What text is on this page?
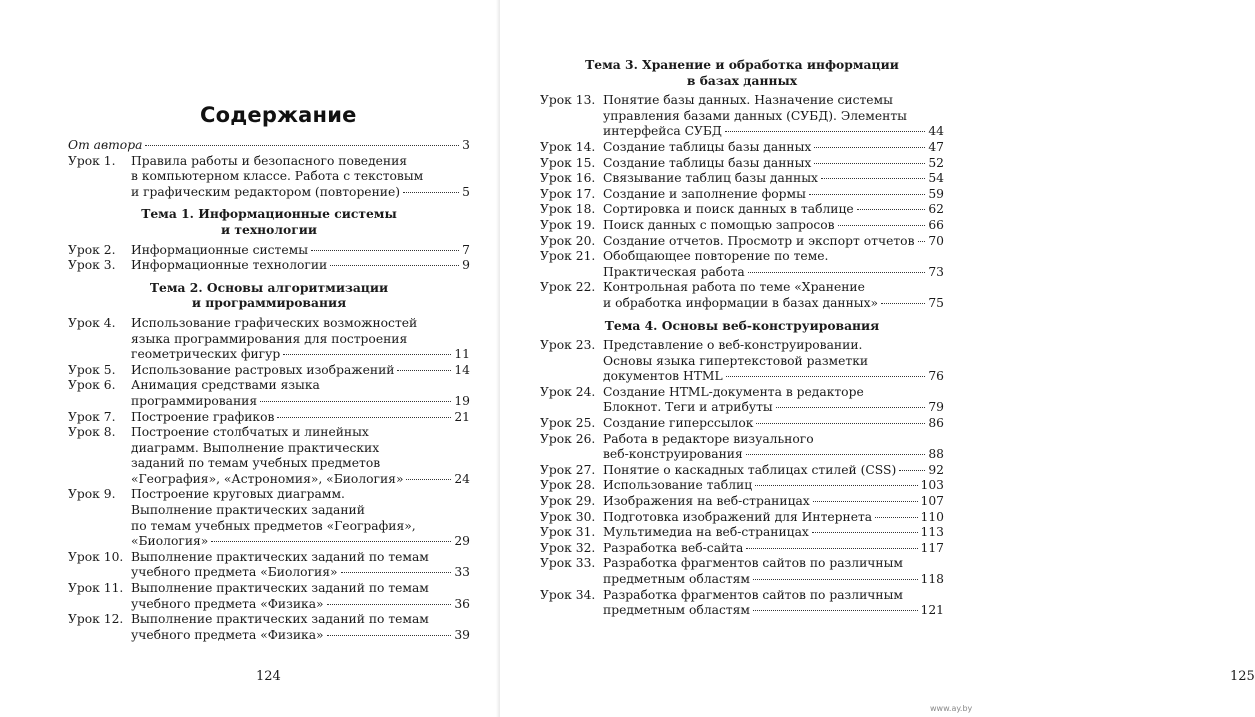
Содержание
От автора	3
Урок 1.	Правила работы и безопасного поведения
в компьютерном классе. Работа с текстовым
и графическим редактором (повторение)	5
Тема 1. Информационные системы
и технологии
Урок 2.	Информационные системы	7
Урок 3.	Информационные технологии	9
Тема 2. Основы алгоритмизации
и программирования
Урок 4.	Использование графических возможностей
языка программирования для построения
геометрических фигур	11
Урок 5.	Использование растровых изображений	14
Урок 6.	Анимация средствами языка
программирования	19
Урок 7.	Построение графиков	21
Урок 8.	Построение столбчатых и линейных
диаграмм. Выполнение практических
заданий по темам учебных предметов
«География», «Астрономия», «Биология»	24
Урок 9.	Построение круговых диаграмм.
Выполнение практических заданий
по темам учебных предметов «География»,
«Биология»	29
Урок 10. Выполнение практических заданий по темам
учебного предмета «Биология»	33
Урок 11. Выполнение практических заданий по темам
учебного предмета «Физика»	36
Урок 12. Выполнение практических заданий по темам
учебного предмета «Физика»	39
124	125
Тема 3. Хранение и обработка информации
в базах данных
Урок 13. Понятие базы данных. Назначение системы
управления базами данных (СУБД). Элементы
интерфейса СУБД	44
Урок 14. Создание таблицы базы данных	47
Урок 15. Создание таблицы базы данных	52
Урок 16. Связывание таблиц базы данных	54
Урок 17. Создание и заполнение формы	59
Урок 18. Сортировка и поиск данных в таблице	62
Урок 19. Поиск данных с помощью запросов	66
Урок 20. Создание отчетов. Просмотр и экспорт отчетов 70
Урок 21. Обобщающее повторение по теме.
Практическая работа	73
Урок 22. Контрольная работа по теме «Хранение
и обработка информации в базах данных»	75
Тема 4. Основы веб-конструирования
Урок 23. Представление о веб-конструировании.
Основы языка гипертекстовой разметки
документов HTML	76
Урок 24. Создание HTML-документа в редакторе
Блокнот. Теги и атрибуты	79
Урок 25. Создание гиперссылок	86
Урок 26. Работа в редакторе визуального
веб-конструирования	88
Урок 27. Понятие о каскадных таблицах стилей (CSS)	92
Урок 28. Использование таблиц	103
Урок 29. Изображения на веб-страницах	107
Урок 30. Подготовка изображений для Интернета	110
Урок 31. Мультимедиа на веб-страницах	113
Урок 32. Разработка веб-сайта	117
Урок 33. Разработка фрагментов сайтов по различным
предметным областям	118
Урок 34. Разработка фрагментов сайтов по различным
предметным областям	121
www.ay.by
